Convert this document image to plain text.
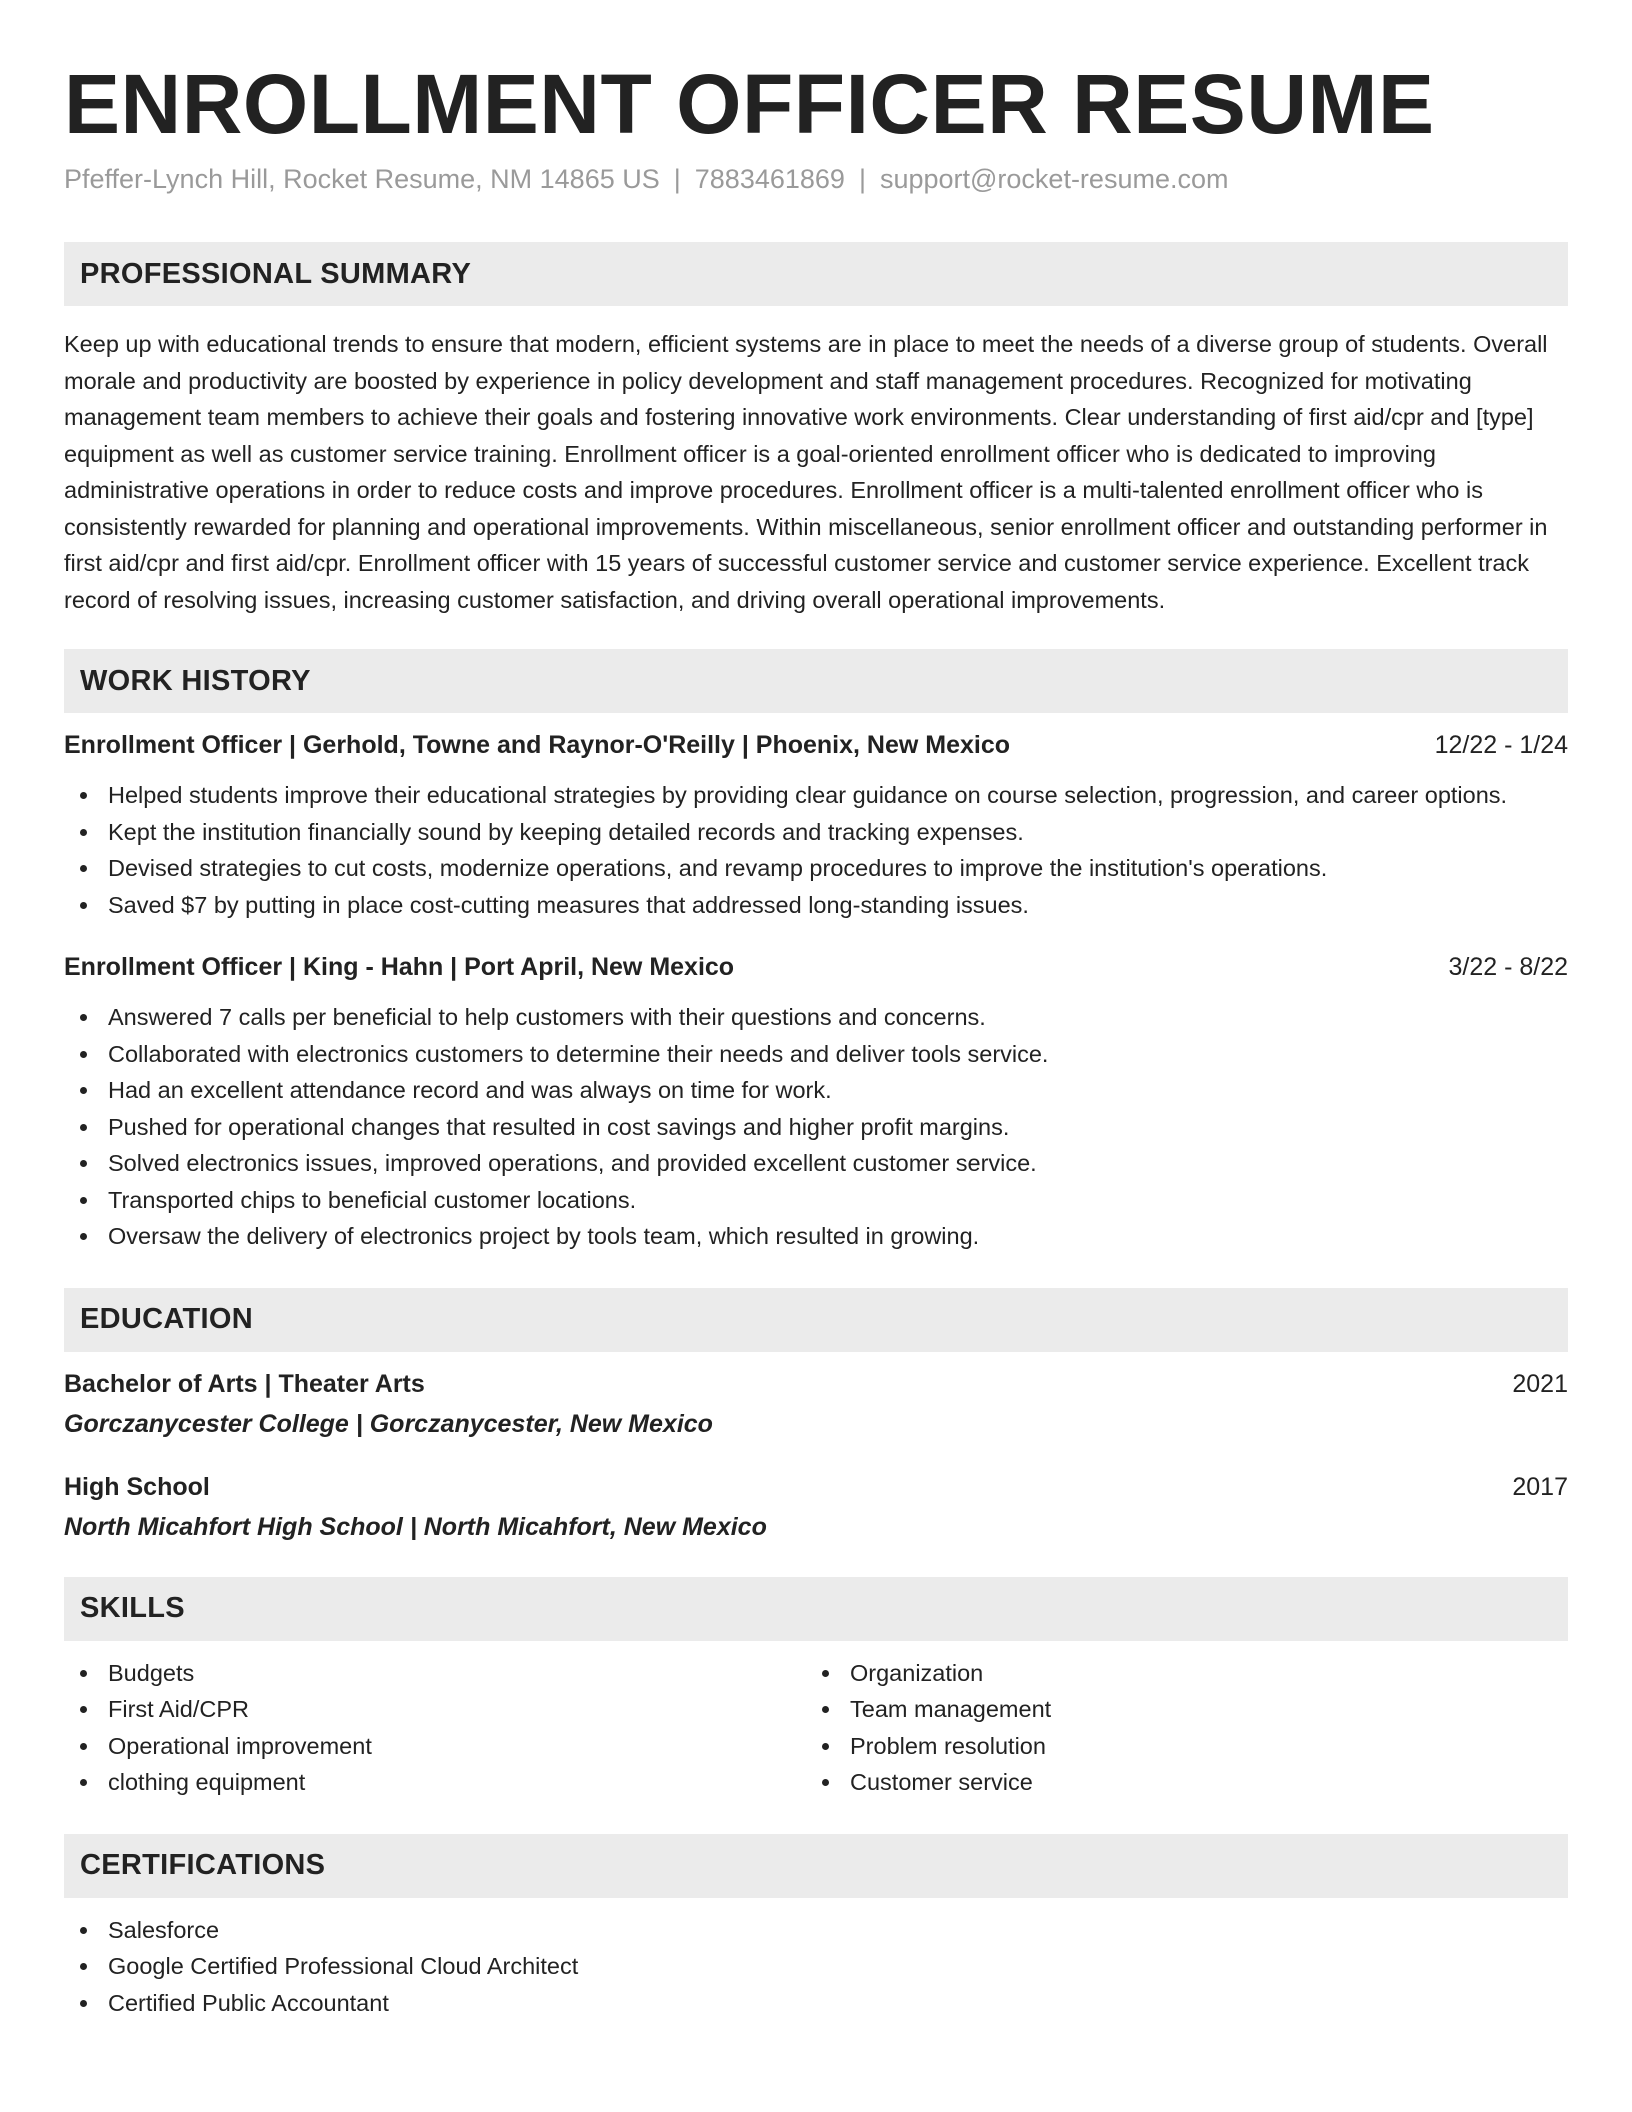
ENROLLMENT OFFICER RESUME
Pfeffer-Lynch Hill, Rocket Resume, NM 14865 US | 7883461869 | support@rocket-resume.com
PROFESSIONAL SUMMARY

Keep up with educational trends to ensure that modern, efficient systems are in place to meet the needs of a diverse group of students. Overall morale and productivity are boosted by experience in policy development and staff management procedures. Recognized for motivating management team members to achieve their goals and fostering innovative work environments. Clear understanding of first aid/cpr and [type] equipment as well as customer service training. Enrollment officer is a goal-oriented enrollment officer who is dedicated to improving administrative operations in order to reduce costs and improve procedures. Enrollment officer is a multi-talented enrollment officer who is consistently rewarded for planning and operational improvements. Within miscellaneous, senior enrollment officer and outstanding performer in first aid/cpr and first aid/cpr. Enrollment officer with 15 years of successful customer service and customer service experience. Excellent track record of resolving issues, increasing customer satisfaction, and driving overall operational improvements.

WORK HISTORY
Enrollment Officer | Gerhold, Towne and Raynor-O'Reilly | Phoenix, New Mexico	12/22 - 1/24
Helped students improve their educational strategies by providing clear guidance on course selection, progression, and career options.
Kept the institution financially sound by keeping detailed records and tracking expenses.
Devised strategies to cut costs, modernize operations, and revamp procedures to improve the institution's operations.
Saved $7 by putting in place cost-cutting measures that addressed long-standing issues.
Enrollment Officer | King - Hahn | Port April, New Mexico	3/22 - 8/22
Answered 7 calls per beneficial to help customers with their questions and concerns.
Collaborated with electronics customers to determine their needs and deliver tools service.
Had an excellent attendance record and was always on time for work.
Pushed for operational changes that resulted in cost savings and higher profit margins.
Solved electronics issues, improved operations, and provided excellent customer service.
Transported chips to beneficial customer locations.
Oversaw the delivery of electronics project by tools team, which resulted in growing.
EDUCATION
Bachelor of Arts | Theater Arts	2021
Gorczanycester College | Gorczanycester, New Mexico
High School	2017
North Micahfort High School | North Micahfort, New Mexico
SKILLS
Budgets
First Aid/CPR
Operational improvement
clothing equipment
Organization
Team management
Problem resolution
Customer service
CERTIFICATIONS
Salesforce
Google Certified Professional Cloud Architect
Certified Public Accountant
